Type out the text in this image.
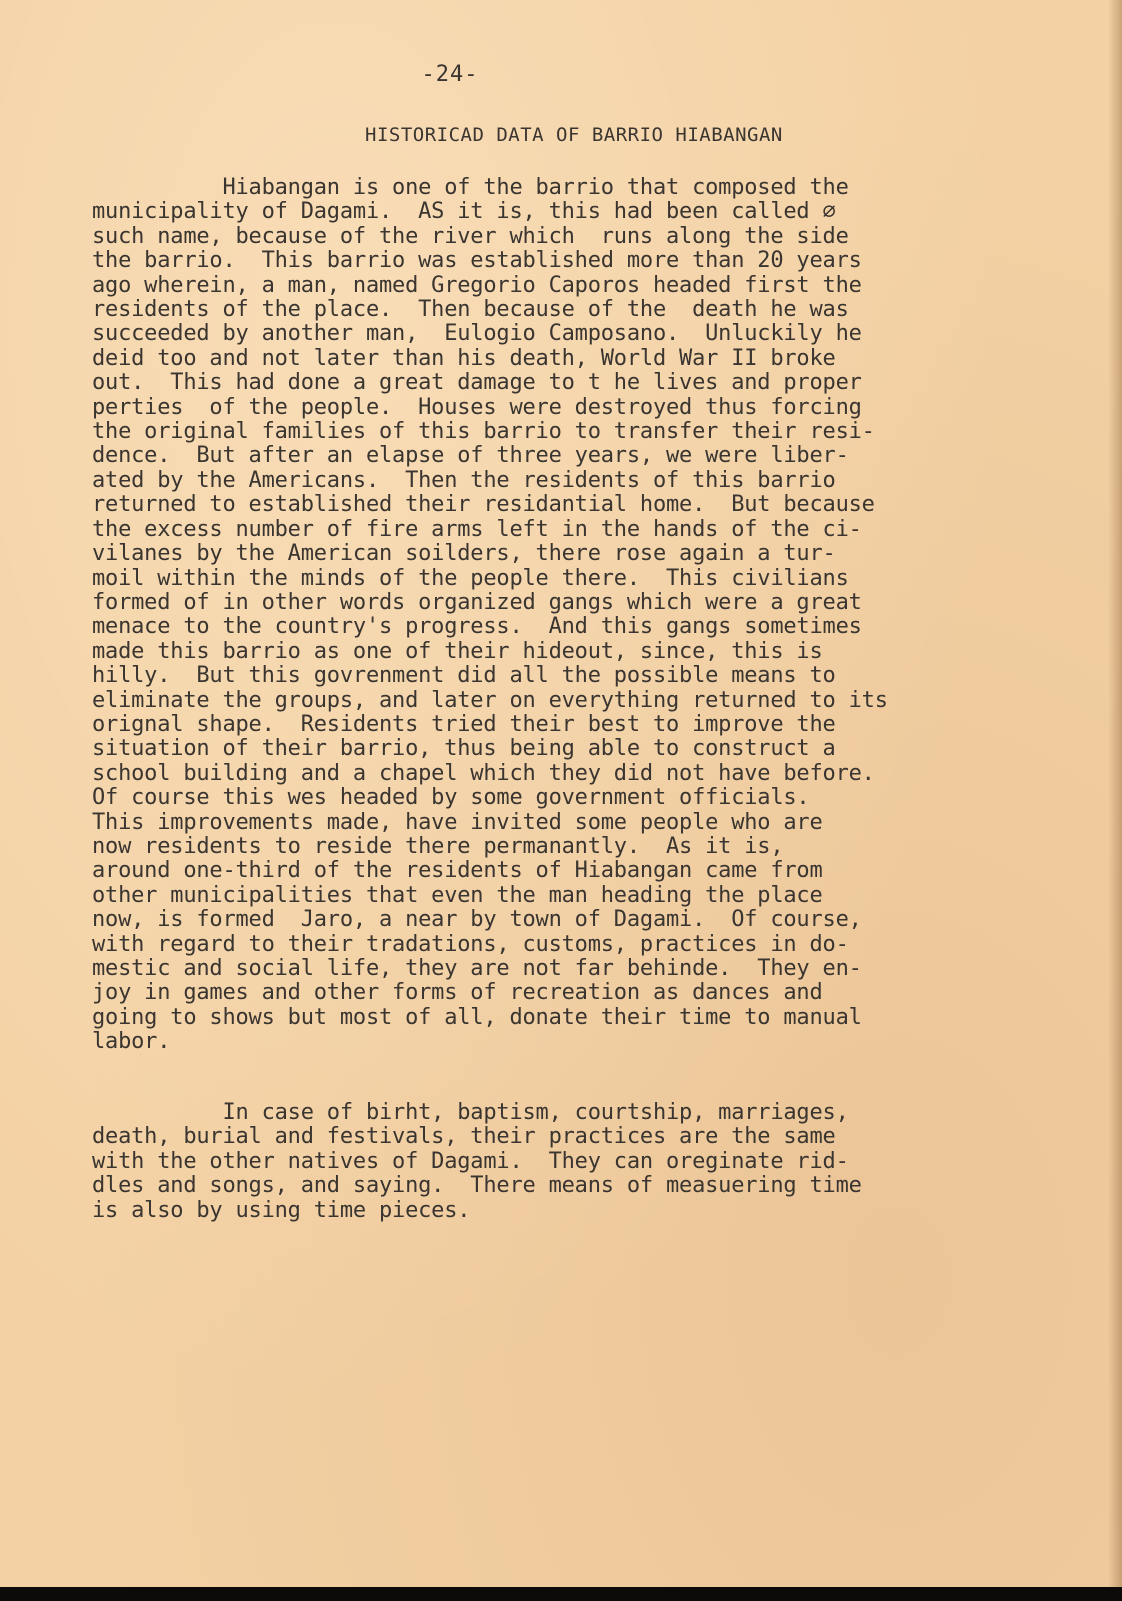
-24-

HISTORICAD DATA OF BARRIO HIABANGAN
Hiabangan is one of the barrio that composed the
municipality of Dagami.  AS it is, this had been called ∅
such name, because of the river which  runs along the side
the barrio.  This barrio was established more than 20 years
ago wherein, a man, named Gregorio Caporos headed first the
residents of the place.  Then because of the  death he was
succeeded by another man,  Eulogio Camposano.  Unluckily he
deid too and not later than his death, World War II broke
out.  This had done a great damage to t he lives and proper
perties  of the people.  Houses were destroyed thus forcing
the original families of this barrio to transfer their resi-
dence.  But after an elapse of three years, we were liber-
ated by the Americans.  Then the residents of this barrio
returned to established their residantial home.  But because
the excess number of fire arms left in the hands of the ci-
vilanes by the American soilders, there rose again a tur-
moil within the minds of the people there.  This civilians
formed of in other words organized gangs which were a great
menace to the country's progress.  And this gangs sometimes
made this barrio as one of their hideout, since, this is
hilly.  But this govrenment did all the possible means to
eliminate the groups, and later on everything returned to its
orignal shape.  Residents tried their best to improve the
situation of their barrio, thus being able to construct a
school building and a chapel which they did not have before.
Of course this wes headed by some government officials.
This improvements made, have invited some people who are
now residents to reside there permanantly.  As it is,
around one-third of the residents of Hiabangan came from
other municipalities that even the man heading the place
now, is formed  Jaro, a near by town of Dagami.  Of course,
with regard to their tradations, customs, practices in do-
mestic and social life, they are not far behinde.  They en-
joy in games and other forms of recreation as dances and
going to shows but most of all, donate their time to manual
labor.
In case of birht, baptism, courtship, marriages,
death, burial and festivals, their practices are the same
with the other natives of Dagami.  They can oreginate rid-
dles and songs, and saying.  There means of measuering time
is also by using time pieces.
